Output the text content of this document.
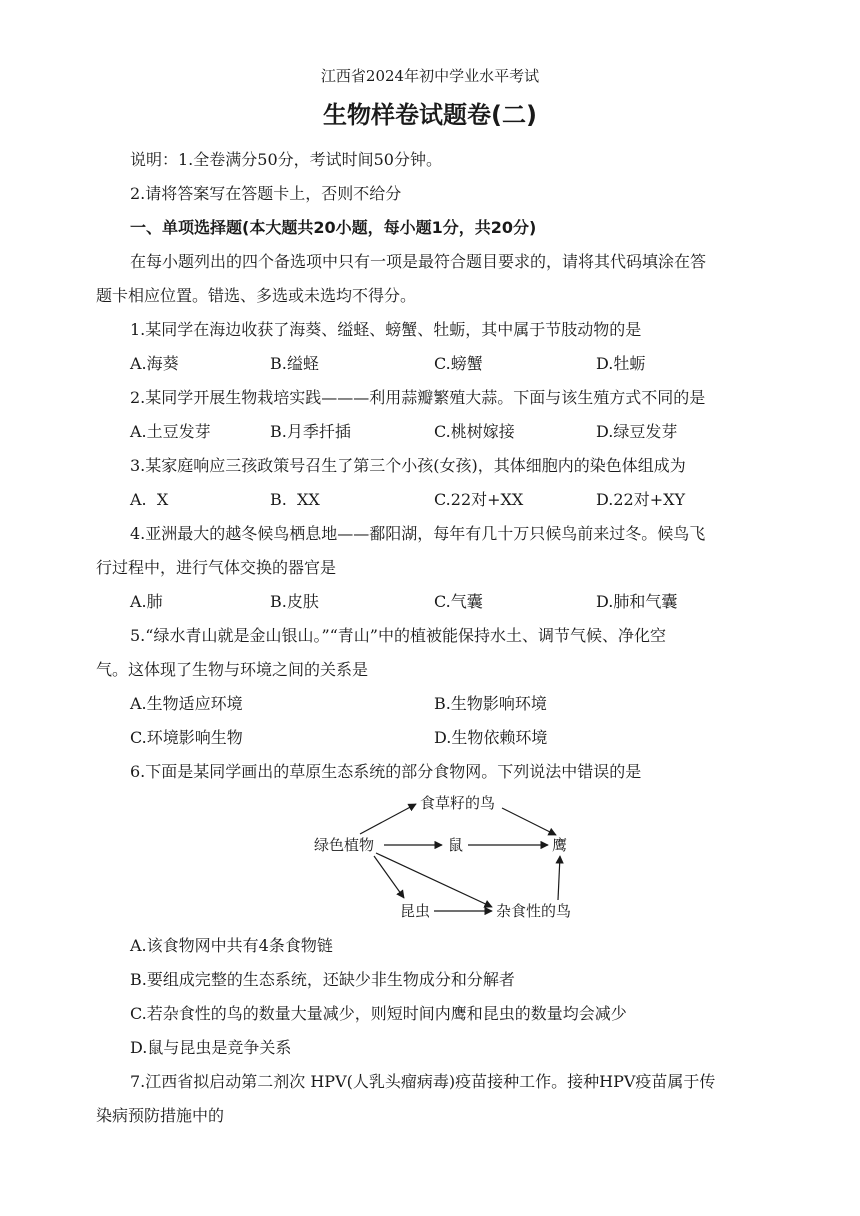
江西省2024年初中学业水平考试
生物样卷试题卷(二)
说明：1.全卷满分50分，考试时间50分钟。
2.请将答案写在答题卡上，否则不给分
一、单项选择题(本大题共20小题，每小题1分，共20分)
在每小题列出的四个备选项中只有一项是最符合题目要求的，请将其代码填涂在答
题卡相应位置。错选、多选或未选均不得分。
1.某同学在海边收获了海葵、缢蛏、螃蟹、牡蛎，其中属于节肢动物的是
A.海葵	B.缢蛏	C.螃蟹	D.牡蛎
2.某同学开展生物栽培实践———利用蒜瓣繁殖大蒜。下面与该生殖方式不同的是
A.土豆发芽	B.月季扦插	C.桃树嫁接	D.绿豆发芽
3.某家庭响应三孩政策号召生了第三个小孩(女孩)，其体细胞内的染色体组成为
A.  X	B.  XX	C.22对+XX	D.22对+XY
4.亚洲最大的越冬候鸟栖息地——鄱阳湖，每年有几十万只候鸟前来过冬。候鸟飞
行过程中，进行气体交换的器官是
A.肺	B.皮肤	C.气囊	D.肺和气囊
5.“绿水青山就是金山银山。”“青山”中的植被能保持水土、调节气候、净化空
气。这体现了生物与环境之间的关系是
A.生物适应环境	B.生物影响环境
C.环境影响生物	D.生物依赖环境
6.下面是某同学画出的草原生态系统的部分食物网。下列说法中错误的是
绿色植物
食草籽的鸟
鼠	鹰
昆虫	杂食性的鸟
A.该食物网中共有4条食物链
B.要组成完整的生态系统，还缺少非生物成分和分解者
C.若杂食性的鸟的数量大量减少，则短时间内鹰和昆虫的数量均会减少
D.鼠与昆虫是竞争关系
7.江西省拟启动第二剂次 HPV(人乳头瘤病毒)疫苗接种工作。接种HPV疫苗属于传
染病预防措施中的
